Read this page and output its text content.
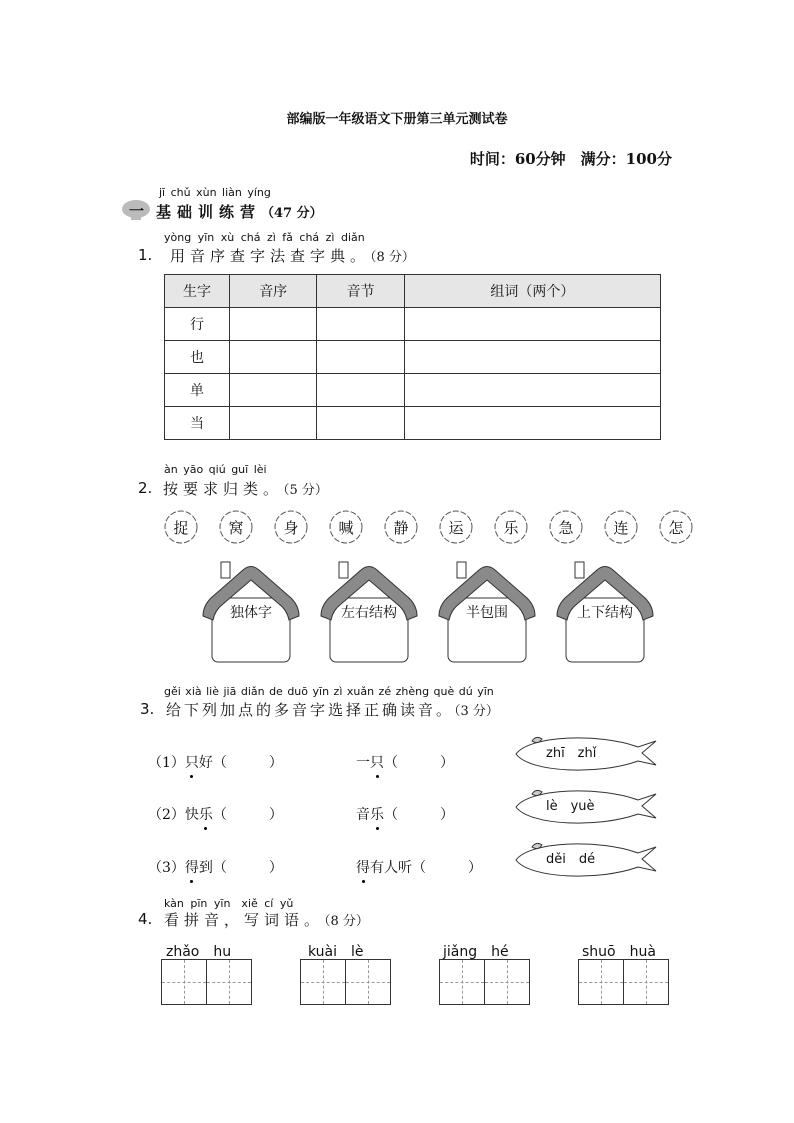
部编版一年级语文下册第三单元测试卷
时间：60分钟　满分：100分
一
jī chǔ xùn liàn yíng
基础训练营（47 分）
yòng yīn xù chá zì fǎ chá zì diǎn
1. 用音序查字法查字典。（8 分）
生字	音序	音节	组词（两个）
行			
也			
单			
当			
àn yāo qiú guī lèi
2. 按要求归类。（5 分）
捉	窝	身	喊	静	运	乐	急	连	怎
独体字	左右结构	半包围	上下结构
gěi xià liè jiā diǎn de duō yīn zì xuǎn zé zhèng què dú yīn
3. 给下列加点的多音字选择正确读音。（3 分）
（1）只好（　　　）	一只（　　　）
zhī　zhǐ
（2）快乐（　　　）	音乐（　　　）
lè　yuè
（3）得到（　　　）	得有人听（　　　）
děi　dé
kàn pīn yīn　xiě cí yǔ
4. 看拼音，写词语。（8 分）
zhǎo　hu	kuài　lè	jiǎng　hé	shuō　huà
